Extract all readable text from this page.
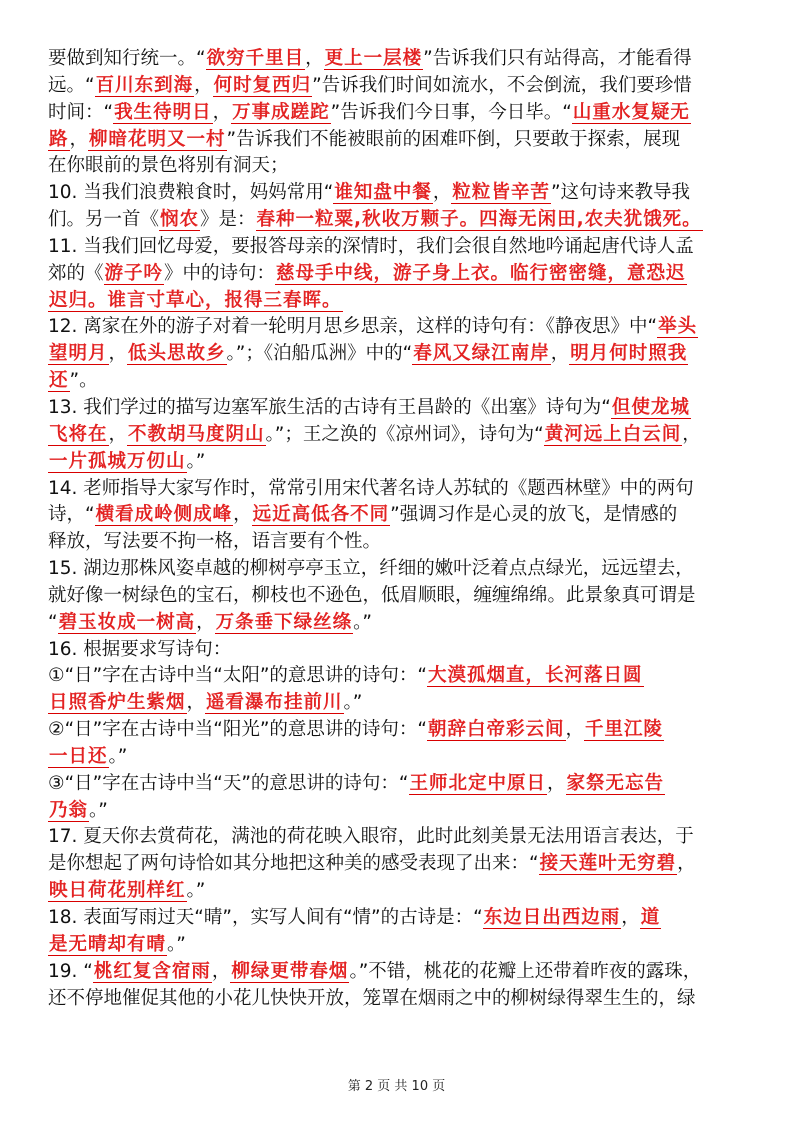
要做到知行统一。“欲穷千里目，更上一层楼”告诉我们只有站得高，才能看得
远。“百川东到海，何时复西归”告诉我们时间如流水，不会倒流，我们要珍惜
时间：“我生待明日，万事成蹉跎”告诉我们今日事，今日毕。“山重水复疑无
路，柳暗花明又一村”告诉我们不能被眼前的困难吓倒，只要敢于探索，展现
在你眼前的景色将别有洞天；
10. 当我们浪费粮食时，妈妈常用“谁知盘中餐，粒粒皆辛苦”这句诗来教导我
们。另一首《悯农》是：春种一粒粟,秋收万颗子。四海无闲田,农夫犹饿死。
11. 当我们回忆母爱，要报答母亲的深情时，我们会很自然地吟诵起唐代诗人孟
郊的《游子吟》中的诗句：慈母手中线，游子身上衣。临行密密缝，意恐迟
迟归。谁言寸草心，报得三春晖。
12. 离家在外的游子对着一轮明月思乡思亲，这样的诗句有：《静夜思》中“举头
望明月，低头思故乡。”；《泊船瓜洲》中的“春风又绿江南岸，明月何时照我
还”。
13. 我们学过的描写边塞军旅生活的古诗有王昌龄的《出塞》诗句为“但使龙城
飞将在，不教胡马度阴山。”；王之涣的《凉州词》，诗句为“黄河远上白云间，
一片孤城万仞山。”
14. 老师指导大家写作时，常常引用宋代著名诗人苏轼的《题西林壁》中的两句
诗，“横看成岭侧成峰，远近高低各不同”强调习作是心灵的放飞，是情感的
释放，写法要不拘一格，语言要有个性。
15. 湖边那株风姿卓越的柳树亭亭玉立，纤细的嫩叶泛着点点绿光，远远望去，
就好像一树绿色的宝石，柳枝也不逊色，低眉顺眼，缠缠绵绵。此景象真可谓是
“碧玉妆成一树高，万条垂下绿丝绦。”
16. 根据要求写诗句：
①“日”字在古诗中当“太阳”的意思讲的诗句：“大漠孤烟直，长河落日圆
日照香炉生紫烟，遥看瀑布挂前川。”
②“日”字在古诗中当“阳光”的意思讲的诗句：“朝辞白帝彩云间，千里江陵
一日还。”
③“日”字在古诗中当“天”的意思讲的诗句：“王师北定中原日，家祭无忘告
乃翁。”
17. 夏天你去赏荷花，满池的荷花映入眼帘，此时此刻美景无法用语言表达，于
是你想起了两句诗恰如其分地把这种美的感受表现了出来：“接天莲叶无穷碧，
映日荷花别样红。”
18. 表面写雨过天“晴”，实写人间有“情”的古诗是：“东边日出西边雨，道
是无晴却有晴。”
19. “桃红复含宿雨，柳绿更带春烟。”不错，桃花的花瓣上还带着昨夜的露珠，
还不停地催促其他的小花儿快快开放，笼罩在烟雨之中的柳树绿得翠生生的，绿
第 2 页 共 10 页
